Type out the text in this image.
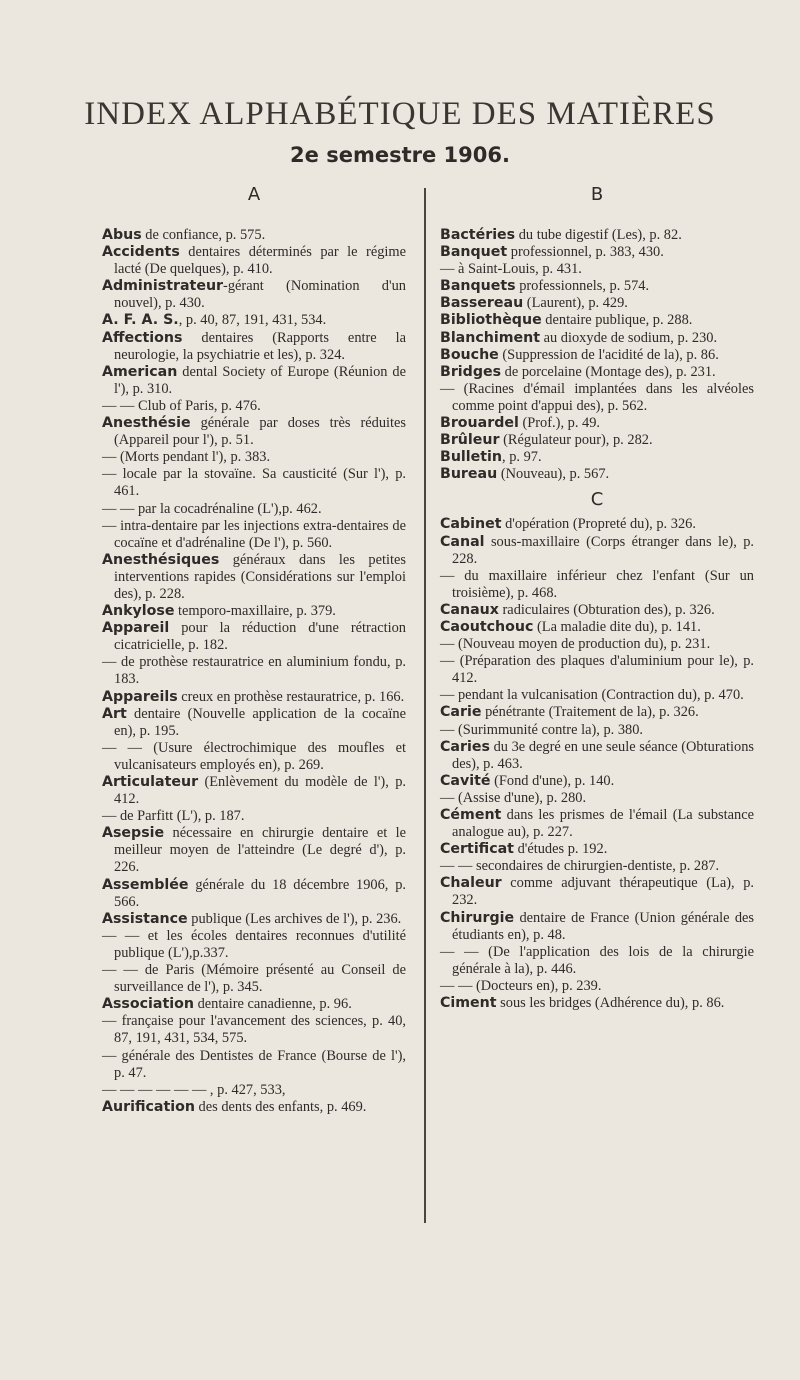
INDEX ALPHABÉTIQUE DES MATIÈRES
2e semestre 1906.
A

Abus de confiance, p. 575.

Accidents dentaires déterminés par le régime lacté (De quelques), p. 410.

Administrateur-gérant (Nomination d'un nouvel), p. 430.

A. F. A. S., p. 40, 87, 191, 431, 534.

Affections dentaires (Rapports entre la neurologie, la psychiatrie et les), p. 324.

American dental Society of Europe (Réunion de l'), p. 310.

— — Club of Paris, p. 476.

Anesthésie générale par doses très réduites (Appareil pour l'), p. 51.

— (Morts pendant l'), p. 383.

— locale par la stovaïne. Sa causticité (Sur l'), p. 461.

— — par la cocadrénaline (L'),p. 462.

— intra-dentaire par les injections extra-dentaires de cocaïne et d'adrénaline (De l'), p. 560.

Anesthésiques généraux dans les petites interventions rapides (Considérations sur l'emploi des), p. 228.

Ankylose temporo-maxillaire, p. 379.

Appareil pour la réduction d'une rétraction cicatricielle, p. 182.

— de prothèse restauratrice en aluminium fondu, p. 183.

Appareils creux en prothèse restauratrice, p. 166.

Art dentaire (Nouvelle application de la cocaïne en), p. 195.

— — (Usure électrochimique des moufles et vulcanisateurs employés en), p. 269.

Articulateur (Enlèvement du modèle de l'), p. 412.

— de Parfitt (L'), p. 187.

Asepsie nécessaire en chirurgie dentaire et le meilleur moyen de l'atteindre (Le degré d'), p. 226.

Assemblée générale du 18 décembre 1906, p. 566.

Assistance publique (Les archives de l'), p. 236.

— — et les écoles dentaires reconnues d'utilité publique (L'),p.337.

— — de Paris (Mémoire présenté au Conseil de surveillance de l'), p. 345.

Association dentaire canadienne, p. 96.

— française pour l'avancement des sciences, p. 40, 87, 191, 431, 534, 575.

— générale des Dentistes de France (Bourse de l'), p. 47.

— — — — — — , p. 427, 533,

Aurification des dents des enfants, p. 469.

B

Bactéries du tube digestif (Les), p. 82.

Banquet professionnel, p. 383, 430.

— à Saint-Louis, p. 431.

Banquets professionnels, p. 574.

Bassereau (Laurent), p. 429.

Bibliothèque dentaire publique, p. 288.

Blanchiment au dioxyde de sodium, p. 230.

Bouche (Suppression de l'acidité de la), p. 86.

Bridges de porcelaine (Montage des), p. 231.

— (Racines d'émail implantées dans les alvéoles comme point d'appui des), p. 562.

Brouardel (Prof.), p. 49.

Brûleur (Régulateur pour), p. 282.

Bulletin, p. 97.

Bureau (Nouveau), p. 567.

C

Cabinet d'opération (Propreté du), p. 326.

Canal sous-maxillaire (Corps étranger dans le), p. 228.

— du maxillaire inférieur chez l'enfant (Sur un troisième), p. 468.

Canaux radiculaires (Obturation des), p. 326.

Caoutchouc (La maladie dite du), p. 141.

— (Nouveau moyen de production du), p. 231.

— (Préparation des plaques d'aluminium pour le), p. 412.

— pendant la vulcanisation (Contraction du), p. 470.

Carie pénétrante (Traitement de la), p. 326.

— (Surimmunité contre la), p. 380.

Caries du 3e degré en une seule séance (Obturations des), p. 463.

Cavité (Fond d'une), p. 140.

— (Assise d'une), p. 280.

Cément dans les prismes de l'émail (La substance analogue au), p. 227.

Certificat d'études p. 192.

— — secondaires de chirurgien-dentiste, p. 287.

Chaleur comme adjuvant thérapeutique (La), p. 232.

Chirurgie dentaire de France (Union générale des étudiants en), p. 48.

— — (De l'application des lois de la chirurgie générale à la), p. 446.

— — (Docteurs en), p. 239.

Ciment sous les bridges (Adhérence du), p. 86.
